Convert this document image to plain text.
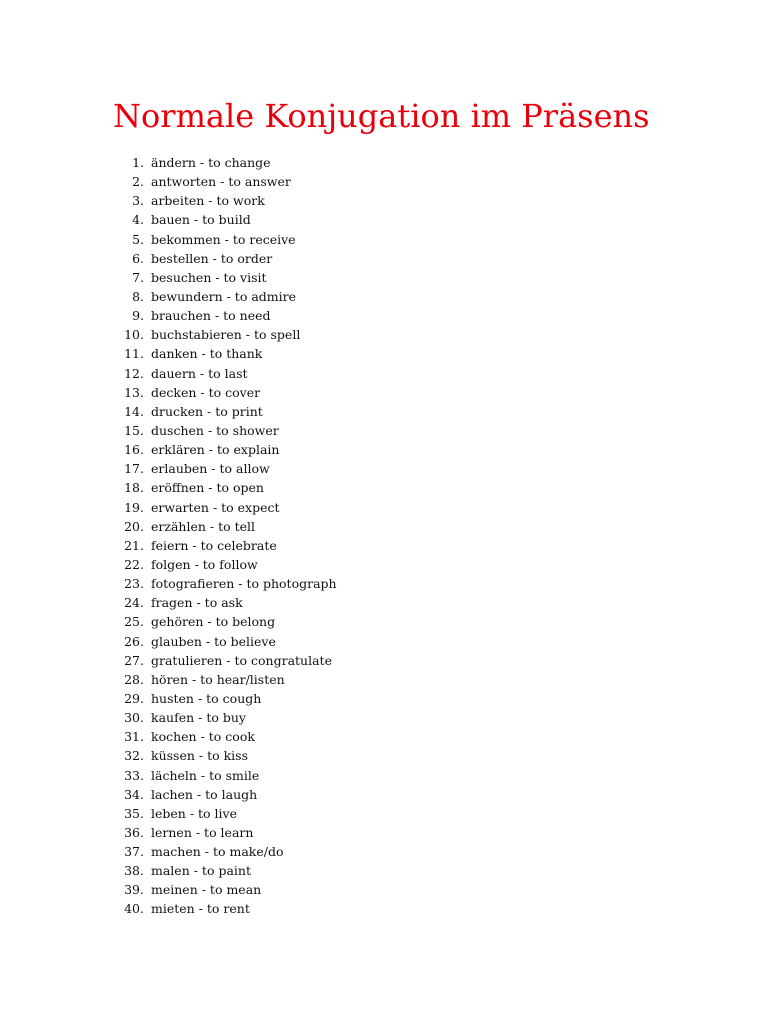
Normale Konjugation im Präsens
1. ändern - to change
2. antworten - to answer
3. arbeiten - to work
4. bauen - to build
5. bekommen - to receive
6. bestellen - to order
7. besuchen - to visit
8. bewundern - to admire
9. brauchen - to need
10. buchstabieren - to spell
11. danken - to thank
12. dauern - to last
13. decken - to cover
14. drucken - to print
15. duschen - to shower
16. erklären - to explain
17. erlauben - to allow
18. eröffnen - to open
19. erwarten - to expect
20. erzählen - to tell
21. feiern - to celebrate
22. folgen - to follow
23. fotografieren - to photograph
24. fragen - to ask
25. gehören - to belong
26. glauben - to believe
27. gratulieren - to congratulate
28. hören - to hear/listen
29. husten - to cough
30. kaufen - to buy
31. kochen - to cook
32. küssen - to kiss
33. lächeln - to smile
34. lachen - to laugh
35. leben - to live
36. lernen - to learn
37. machen - to make/do
38. malen - to paint
39. meinen - to mean
40. mieten - to rent
